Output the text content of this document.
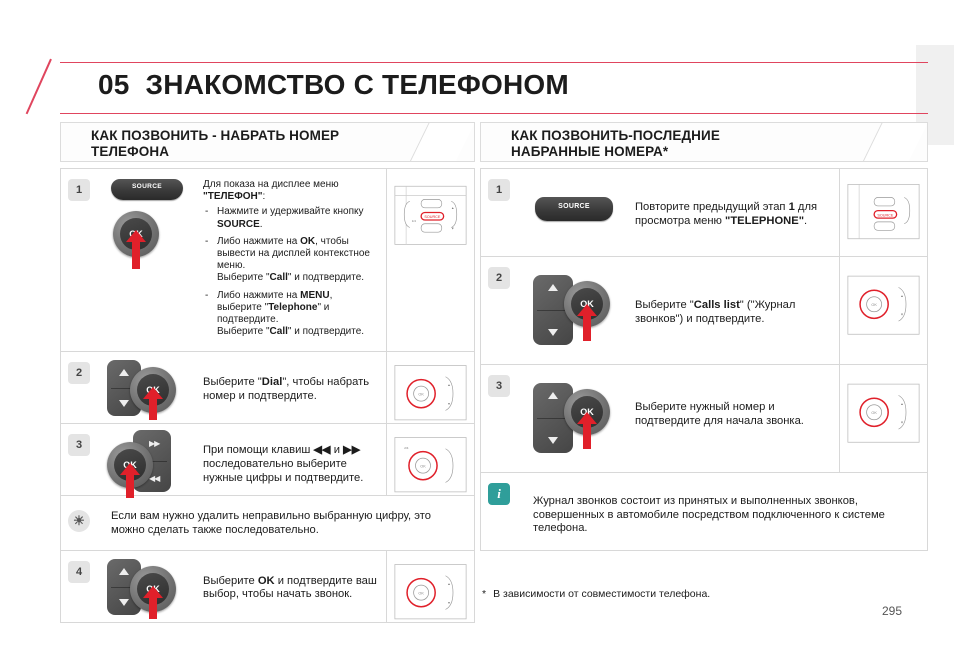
05 ЗНАКОМСТВО С ТЕЛЕФОНОМ
КАК ПОЗВОНИТЬ - НАБРАТЬ НОМЕР
ТЕЛЕФОНА
1	SOURCE	Для показа на дисплее меню "ТЕЛЕФОН":
- Нажмите и удерживайте кнопку SOURCE.
- Либо нажмите на OK, чтобы вывести на дисплей контекстное меню.
Выберите "Call" и подтвердите.
- Либо нажмите на MENU, выберите "Telephone" и подтвердите.
Выберите "Call" и подтвердите.
SOURCE
1/4
▲
▼
2
Выберите "Dial", чтобы набрать номер и подтвердите.	OK
▲
▼
3	▶▶
◀◀
При помощи клавиш ◀◀ и ▶▶ последовательно выберите нужные цифры и подтвердите.
OK
2/4
☀	Если вам нужно удалить неправильно выбранную цифру, это можно сделать также последовательно.
4
Выберите OK и подтвердите ваш выбор, чтобы начать звонок.	OK
▲
▼
КАК ПОЗВОНИТЬ-ПОСЛЕДНИЕ
НАБРАННЫЕ НОМЕРА*
1
SOURCE	Повторите предыдущий этап 1 для просмотра меню "TELEPHONE".	SOURCE
2
Выберите "Calls list" ("Журнал звонков") и подтвердите.
OK
▲
▼
3
Выберите нужный номер и подтвердите для начала звонка.
OK
▲
▼
i	Журнал звонков состоит из принятых и выполненных звонков, совершенных в автомобиле посредством подключенного к системе телефона.
* В зависимости от совместимости телефона.
295
